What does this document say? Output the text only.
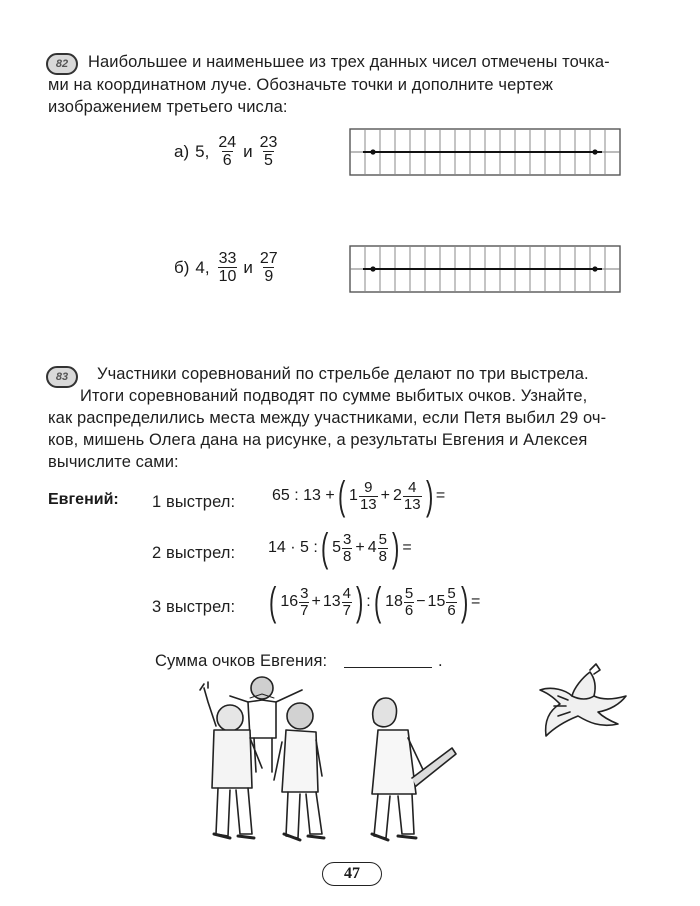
82	Наибольшее и наименьшее из трех данных чисел отмечены точка-
ми на координатном луче. Обозначьте точки и дополните чертеж
изображением третьего числа:
а) 5, $\frac{24}{6}$ и $\frac{23}{5}$
б) 4, $\frac{33}{10}$ и $\frac{27}{9}$
83	Участники соревнований по стрельбе делают по три выстрела.
Итоги соревнований подводят по сумме выбитых очков. Узнайте,
как распределились места между участниками, если Петя выбил 29 оч-
ков, мишень Олега дана на рисунке, а результаты Евгения и Алексея
вычислите сами:
Евгений: 1 выстрел: 65 : 13 + ( $1 \frac{9}{13} + 2 \frac{4}{13}$ ) =
2 выстрел: 14 · 5 : ( $5 \frac{3}{8} + 4 \frac{5}{8}$ ) =
3 выстрел: ( $16 \frac{3}{7} + 13 \frac{4}{7}$ ) : ( $18 \frac{5}{6} - 15 \frac{5}{6}$ ) =
Сумма очков Евгения:	.
47
